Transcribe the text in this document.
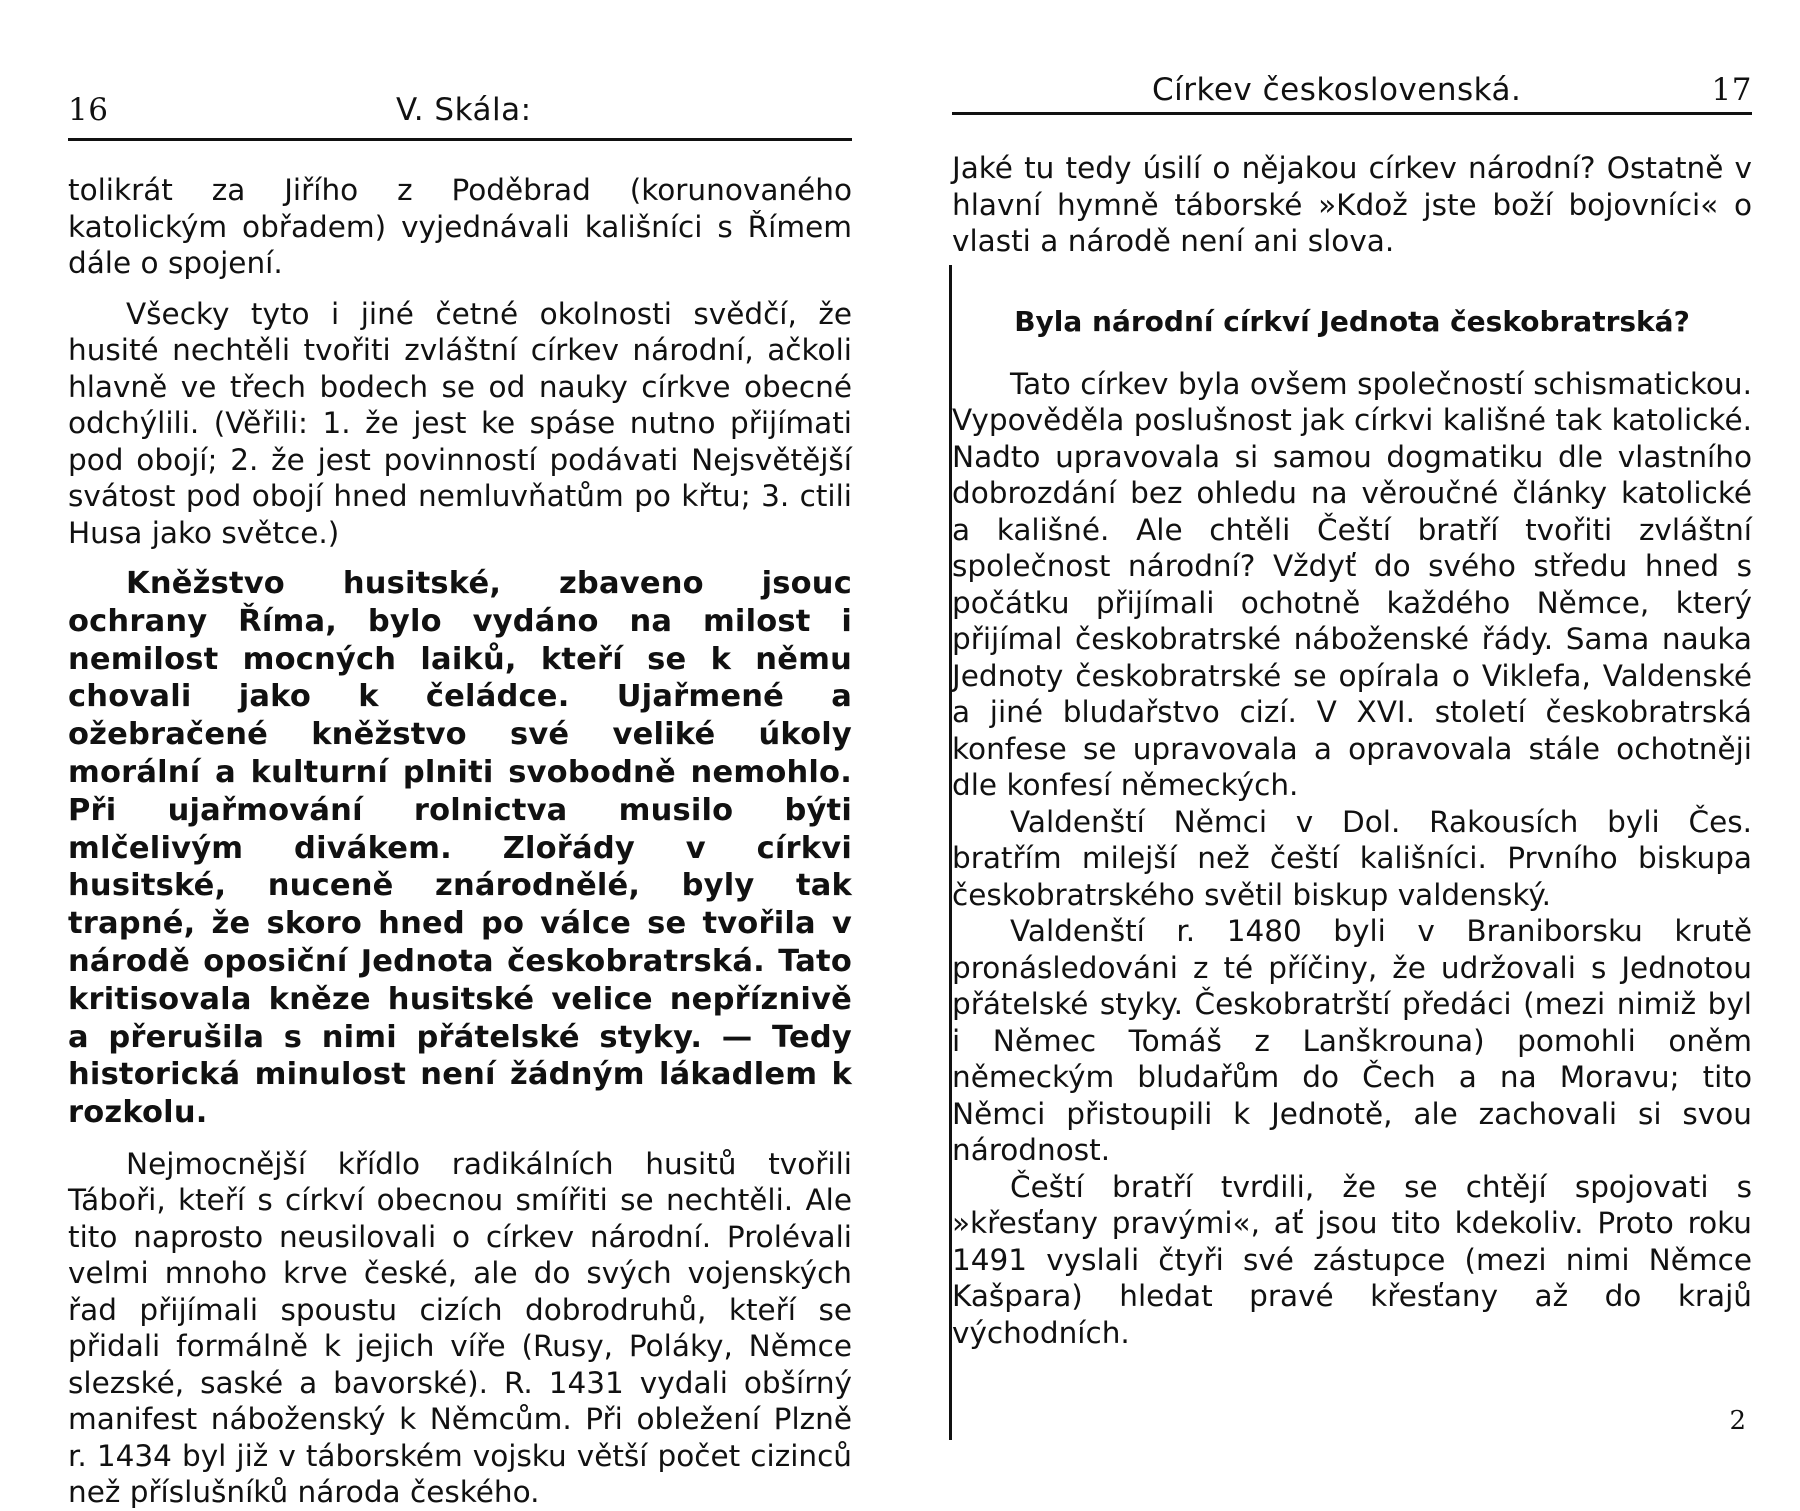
16	V. Skála:

tolikrát za Jiřího z Poděbrad (korunovaného katolickým obřadem) vyjednávali kališníci s Římem dále o spojení.

Všecky tyto i jiné četné okolnosti svědčí, že husité nechtěli tvořiti zvláštní církev národní, ačkoli hlavně ve třech bodech se od nauky církve obecné odchýlili. (Věřili: 1. že jest ke spáse nutno přijímati pod obojí; 2. že jest povinností podávati Nejsvětější svátost pod obojí hned nemluvňatům po křtu; 3. ctili Husa jako světce.)

Kněžstvo husitské, zbaveno jsouc ochrany Říma, bylo vydáno na milost i nemilost mocných laiků, kteří se k němu chovali jako k čeládce. Ujařmené a ožebračené kněžstvo své veliké úkoly morální a kulturní plniti svobodně nemohlo. Při ujařmování rolnictva musilo býti mlčelivým divákem. Zlořády v církvi husitské, nuceně znárodnělé, byly tak trapné, že skoro hned po válce se tvořila v národě oposiční Jednota českobratrská. Tato kritisovala kněze husitské velice nepříznivě a přerušila s nimi přátelské styky. — Tedy historická minulost není žádným lákadlem k rozkolu.

Nejmocnější křídlo radikálních husitů tvořili Táboři, kteří s církví obecnou smířiti se nechtěli. Ale tito naprosto neusilovali o církev národní. Prolévali velmi mnoho krve české, ale do svých vojenských řad přijímali spoustu cizích dobrodruhů, kteří se přidali formálně k jejich víře (Rusy, Poláky, Němce slezské, saské a bavorské). R. 1431 vydali obšírný manifest náboženský k Němcům. Při obležení Plzně r. 1434 byl již v táborském vojsku větší počet cizinců než příslušníků národa českého.

Církev československá.	17

Jaké tu tedy úsilí o nějakou církev národní? Ostatně v hlavní hymně táborské »Kdož jste boží bojovníci« o vlasti a národě není ani slova.

Byla národní církví Jednota českobratrská?

Tato církev byla ovšem společností schismatickou. Vypověděla poslušnost jak církvi kališné tak katolické. Nadto upravovala si samou dogmatiku dle vlastního dobrozdání bez ohledu na věroučné články katolické a kališné. Ale chtěli Čeští bratří tvořiti zvláštní společnost národní? Vždyť do svého středu hned s počátku přijímali ochotně každého Němce, který přijímal českobratrské náboženské řády. Sama nauka Jednoty českobratrské se opírala o Viklefa, Valdenské a jiné bludařstvo cizí. V XVI. století českobratrská konfese se upravovala a opravovala stále ochotněji dle konfesí německých.

Valdenští Němci v Dol. Rakousích byli Čes. bratřím milejší než čeští kališníci. Prvního biskupa českobratrského světil biskup valdenský.

Valdenští r. 1480 byli v Braniborsku krutě pronásledováni z té příčiny, že udržovali s Jednotou přátelské styky. Českobratrští předáci (mezi nimiž byl i Němec Tomáš z Lanškrouna) pomohli oněm německým bludařům do Čech a na Moravu; tito Němci přistoupili k Jednotě, ale zachovali si svou národnost.

Čeští bratří tvrdili, že se chtějí spojovati s »křesťany pravými«, ať jsou tito kdekoliv. Proto roku 1491 vyslali čtyři své zástupce (mezi nimi Němce Kašpara) hledat pravé křesťany až do krajů východních.

2
